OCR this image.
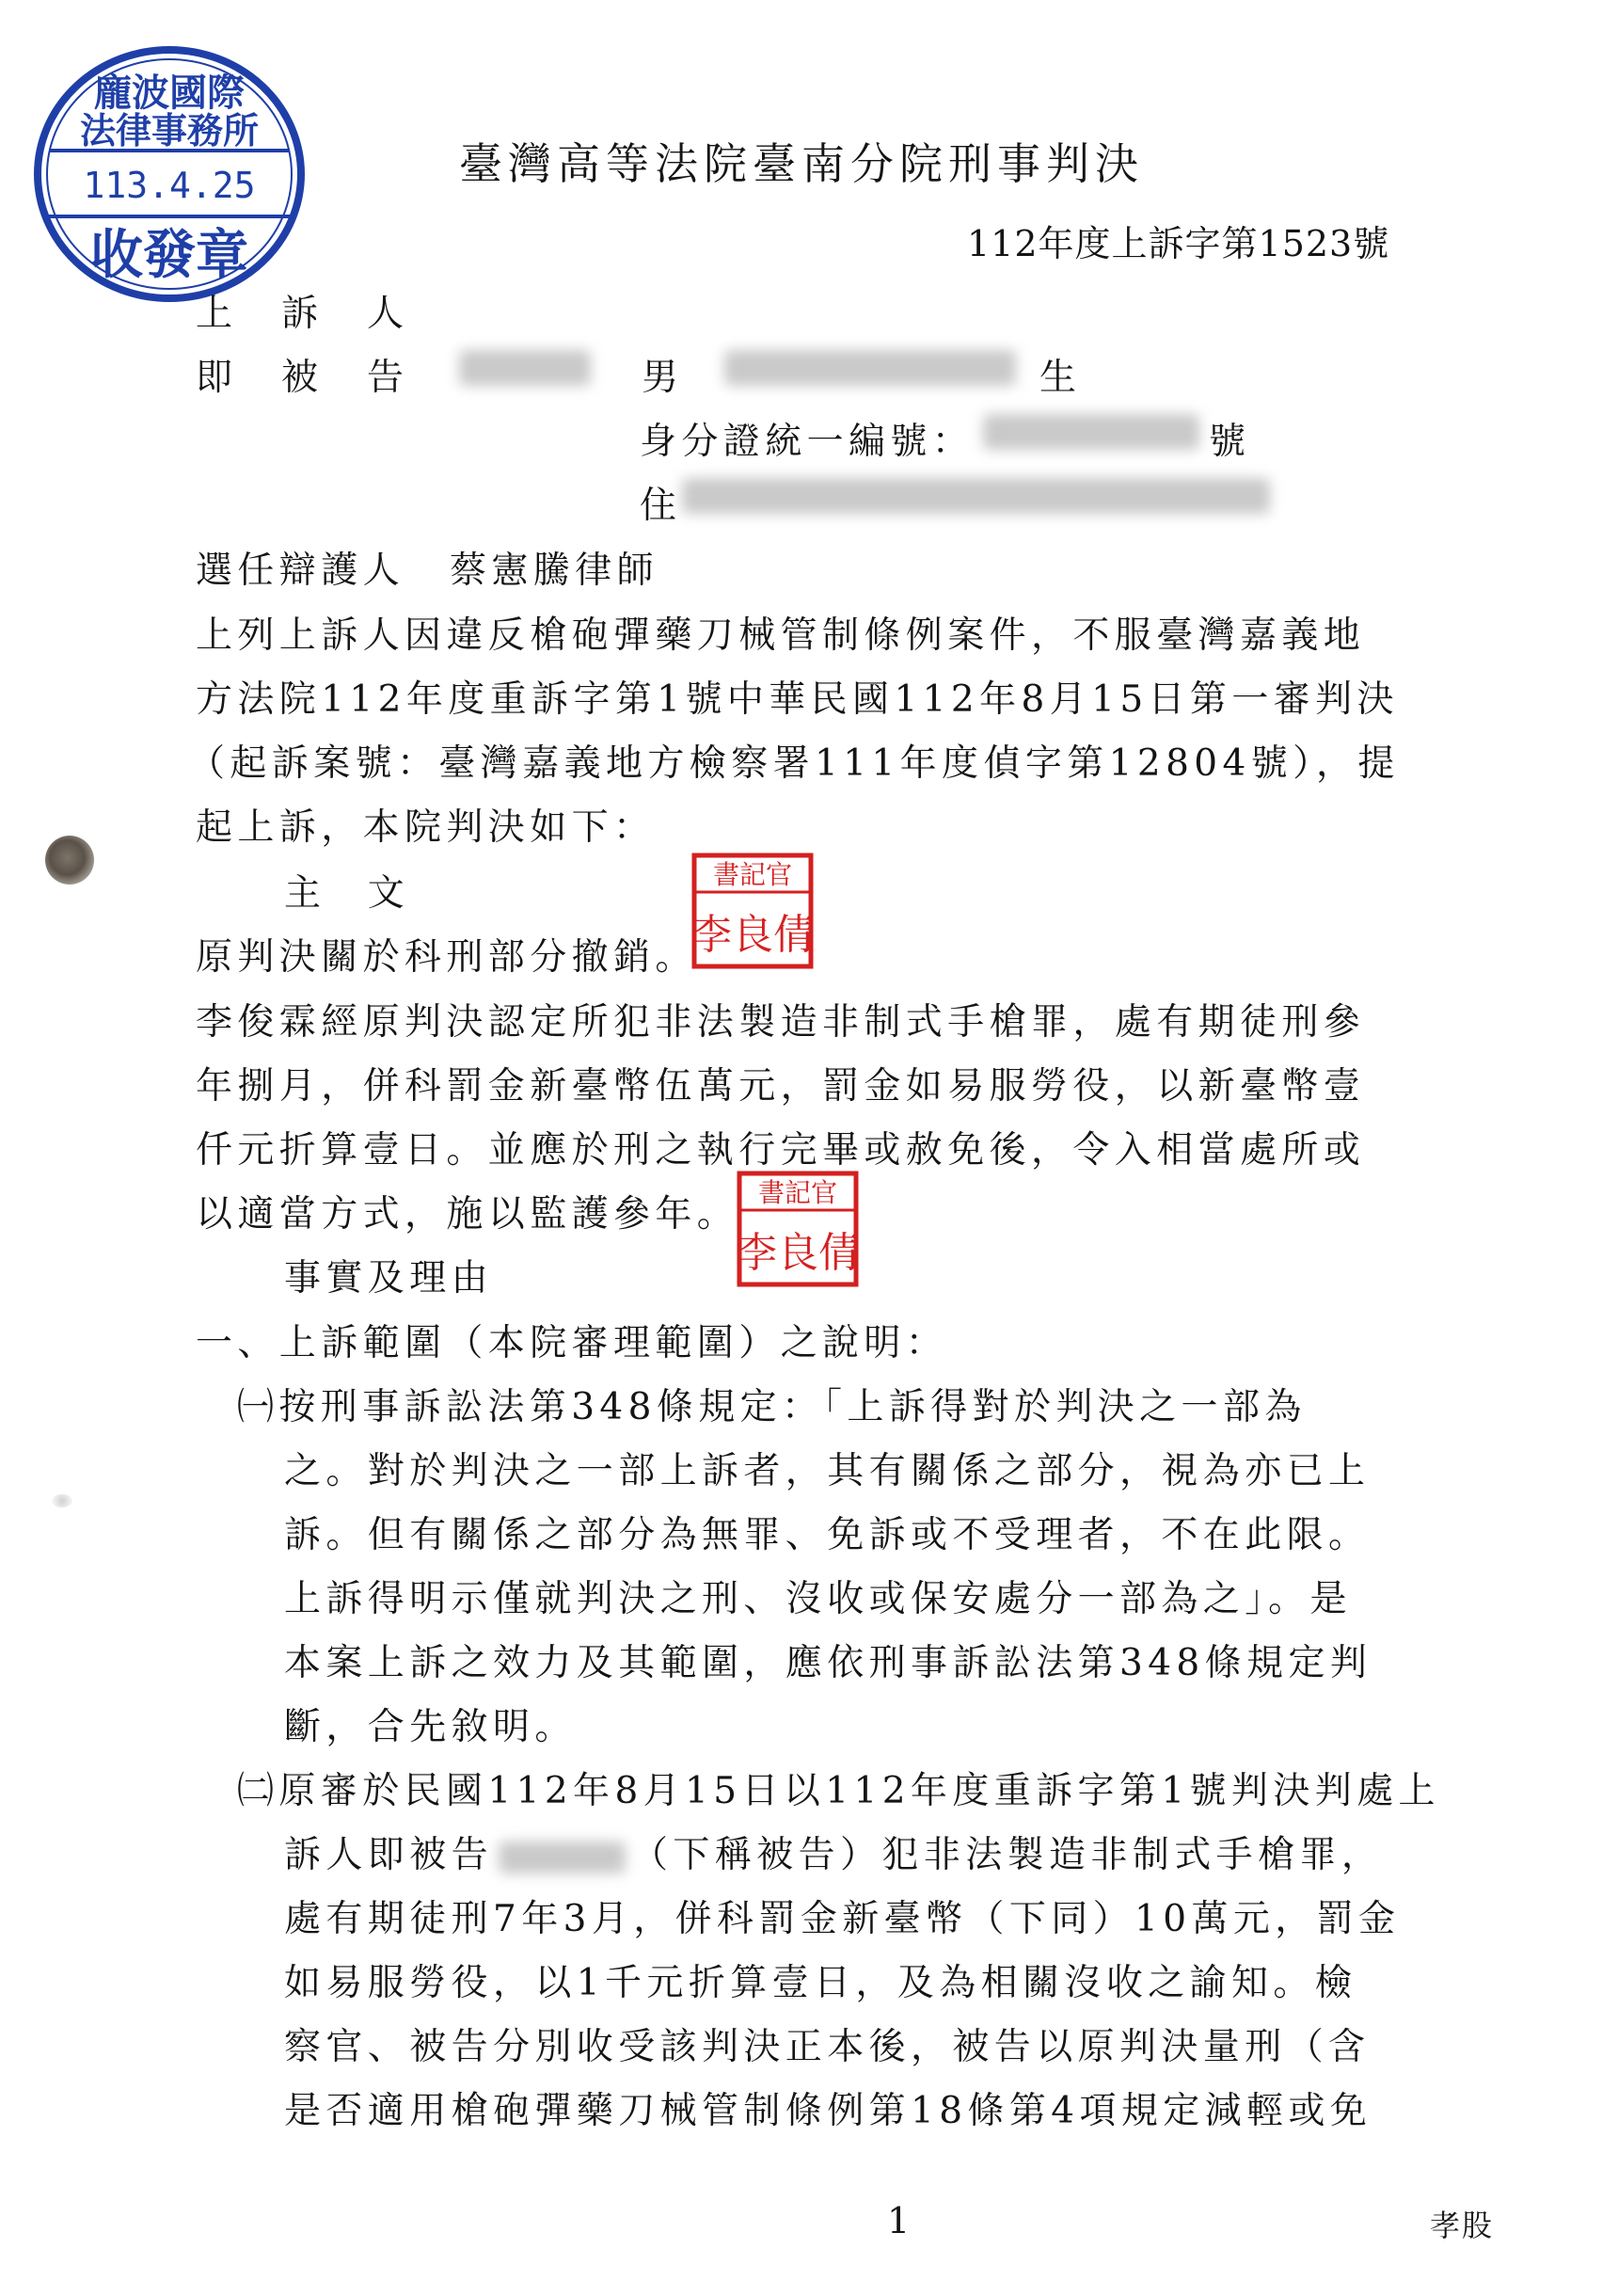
龐波國際
法律事務所
113.4.25
收發章
臺灣高等法院臺南分院刑事判決
112年度上訴字第1523號
上訴人
即被告	男	生
身分證統一編號：	號
住
選任辯護人 蔡憲騰律師
上列上訴人因違反槍砲彈藥刀械管制條例案件，不服臺灣嘉義地
方法院112年度重訴字第1號中華民國112年8月15日第一審判決
（起訴案號：臺灣嘉義地方檢察署111年度偵字第12804號），提
起上訴，本院判決如下：
主　文
原判決關於科刑部分撤銷。
李俊霖經原判決認定所犯非法製造非制式手槍罪，處有期徒刑參
年捌月，併科罰金新臺幣伍萬元，罰金如易服勞役，以新臺幣壹
仟元折算壹日。並應於刑之執行完畢或赦免後，令入相當處所或
以適當方式，施以監護參年。
事實及理由
一、上訴範圍（本院審理範圍）之說明：
㈠按刑事訴訟法第348條規定：「上訴得對於判決之一部為
之。對於判決之一部上訴者，其有關係之部分，視為亦已上
訴。但有關係之部分為無罪、免訴或不受理者，不在此限。
上訴得明示僅就判決之刑、沒收或保安處分一部為之」。是
本案上訴之效力及其範圍，應依刑事訴訟法第348條規定判
斷，合先敘明。
㈡原審於民國112年8月15日以112年度重訴字第1號判決判處上
訴人即被告	（下稱被告）犯非法製造非制式手槍罪，
處有期徒刑7年3月，併科罰金新臺幣（下同）10萬元，罰金
如易服勞役，以1千元折算壹日，及為相關沒收之諭知。檢
察官、被告分別收受該判決正本後，被告以原判決量刑（含
是否適用槍砲彈藥刀械管制條例第18條第4項規定減輕或免
書記官
李良倩
書記官
李良倩
1	孝股
